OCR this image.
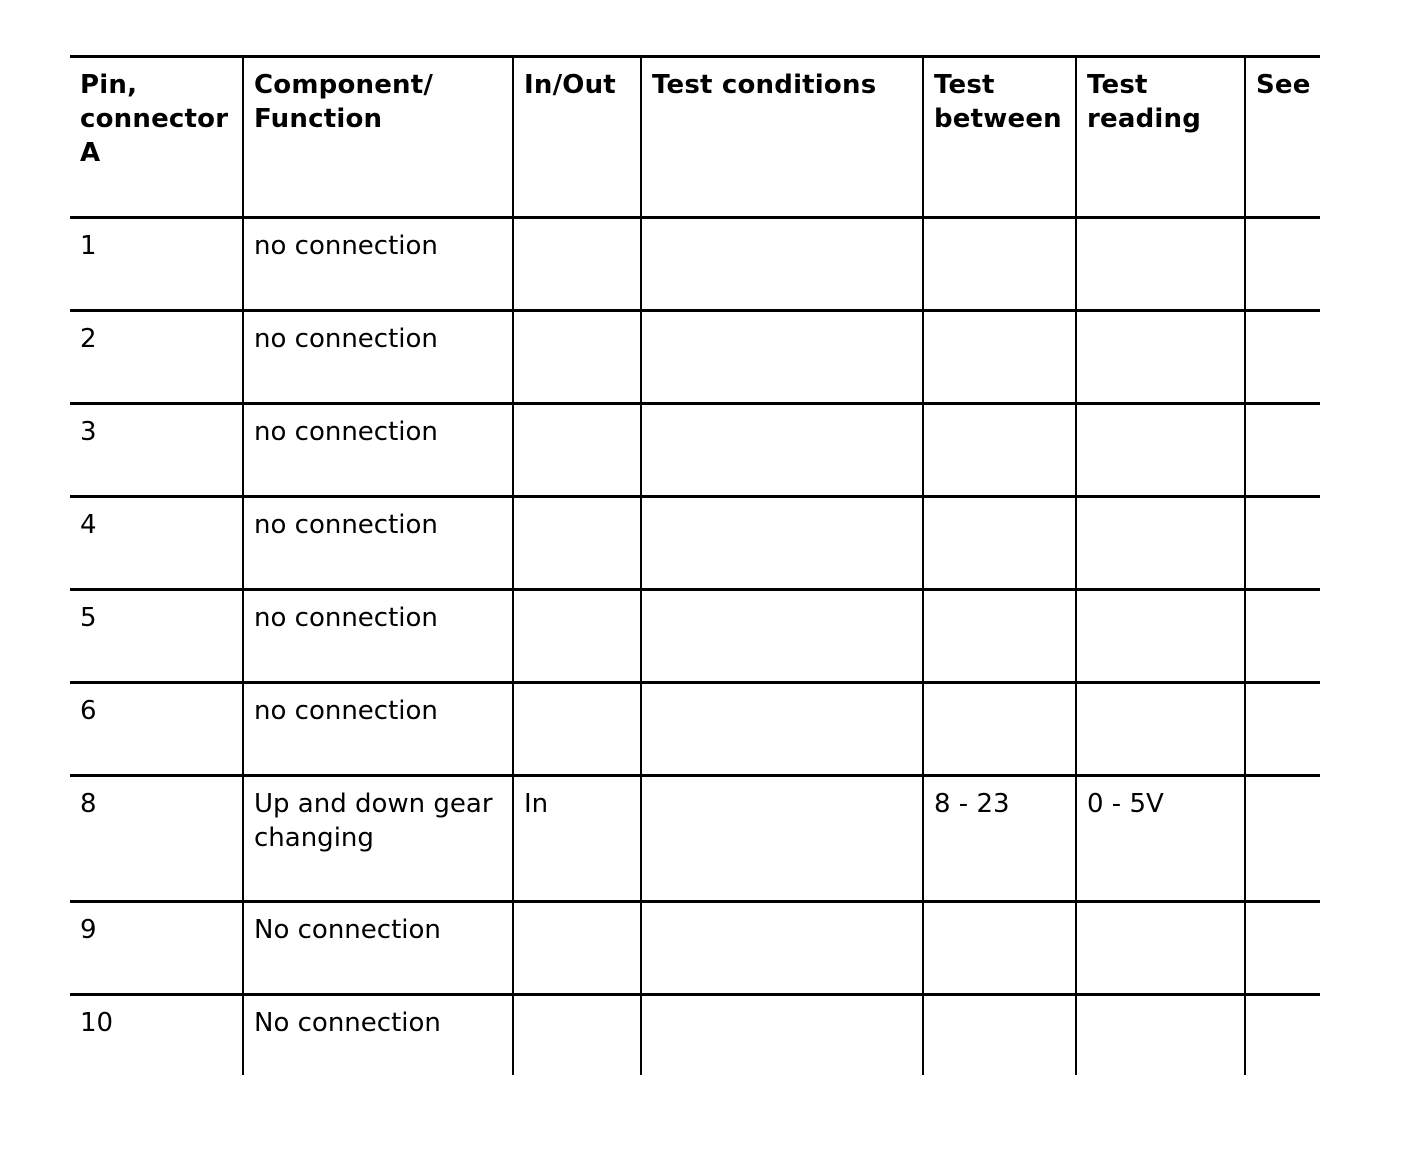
Pin, connector A	Component/ Function	In/Out	Test conditions	Test between	Test reading	See
1	no connection					
2	no connection					
3	no connection					
4	no connection					
5	no connection					
6	no connection					
8	Up and down gear changing	In		8 - 23	0 - 5V	
9	No connection					
10	No connection					
